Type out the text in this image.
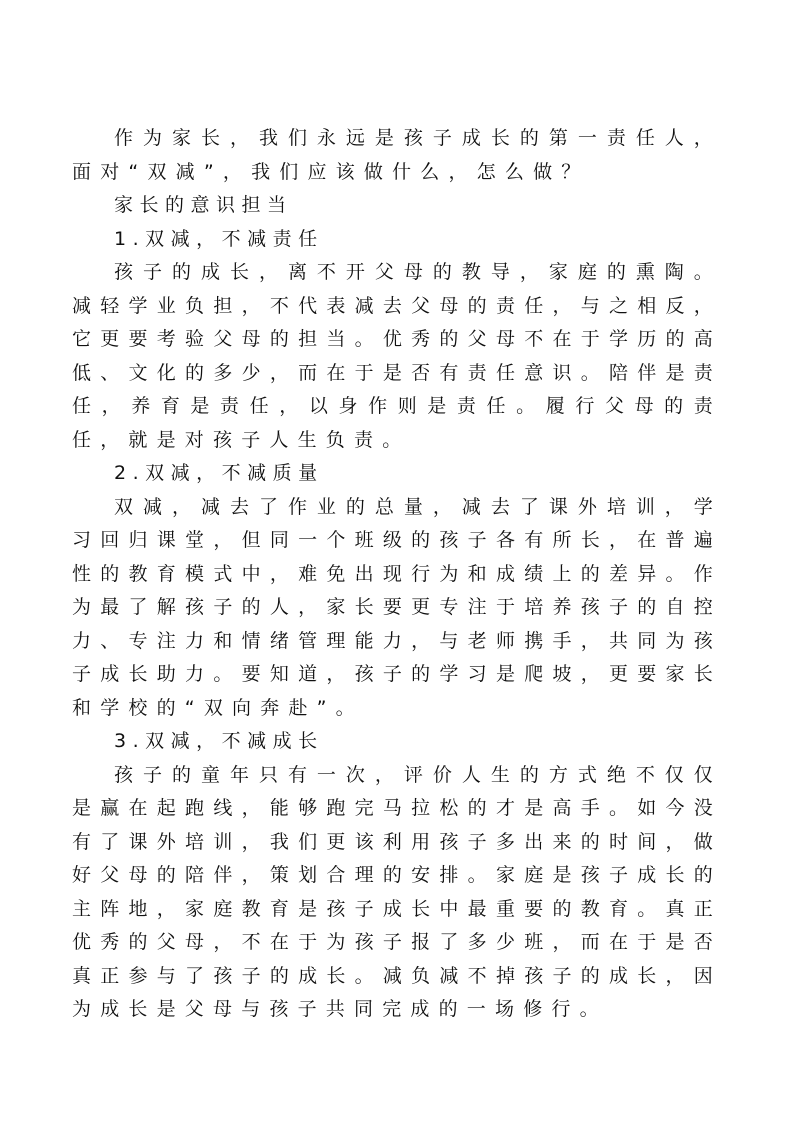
作为家长，我们永远是孩子成长的第一责任人，面对“双减”，我们应该做什么，怎么做？

家长的意识担当

1.双减，不减责任

孩子的成长，离不开父母的教导，家庭的熏陶。减轻学业负担，不代表减去父母的责任，与之相反，它更要考验父母的担当。优秀的父母不在于学历的高低、文化的多少，而在于是否有责任意识。陪伴是责任，养育是责任，以身作则是责任。履行父母的责任，就是对孩子人生负责。

2.双减，不减质量

双减，减去了作业的总量，减去了课外培训，学习回归课堂，但同一个班级的孩子各有所长，在普遍性的教育模式中，难免出现行为和成绩上的差异。作为最了解孩子的人，家长要更专注于培养孩子的自控力、专注力和情绪管理能力，与老师携手，共同为孩子成长助力。要知道，孩子的学习是爬坡，更要家长和学校的“双向奔赴”。

3.双减，不减成长

孩子的童年只有一次，评价人生的方式绝不仅仅是赢在起跑线，能够跑完马拉松的才是高手。如今没有了课外培训，我们更该利用孩子多出来的时间，做好父母的陪伴，策划合理的安排。家庭是孩子成长的主阵地，家庭教育是孩子成长中最重要的教育。真正优秀的父母，不在于为孩子报了多少班，而在于是否真正参与了孩子的成长。减负减不掉孩子的成长，因为成长是父母与孩子共同完成的一场修行。
